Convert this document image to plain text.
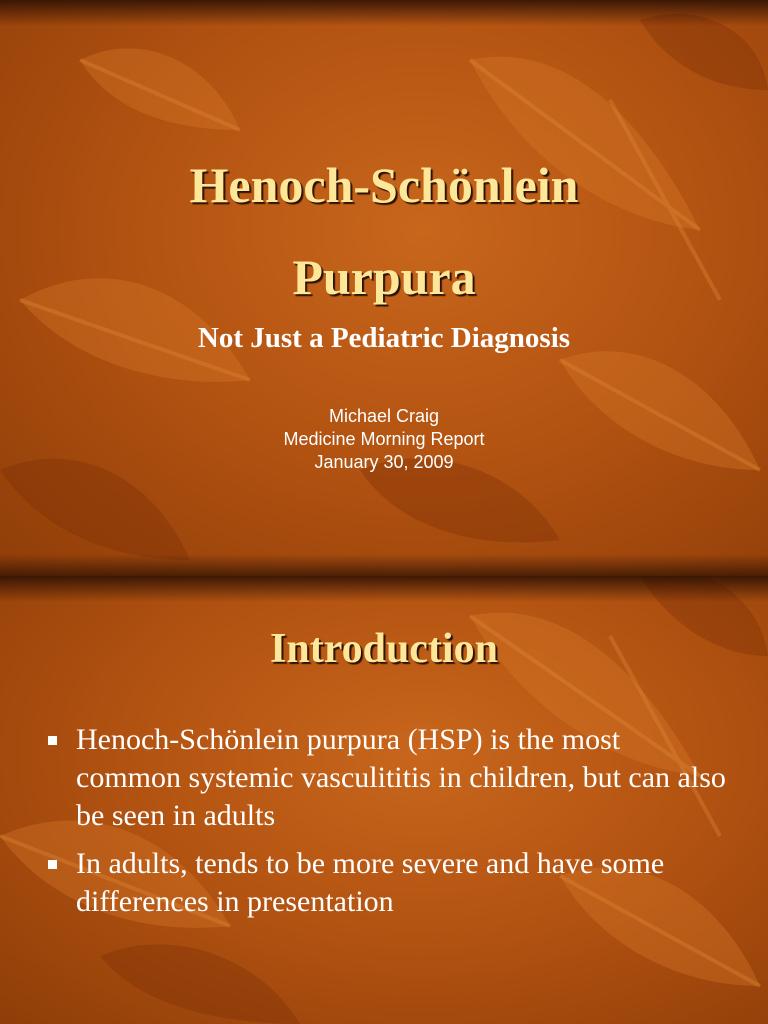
Henoch-Schönlein
Purpura
Not Just a Pediatric Diagnosis
Michael Craig
Medicine Morning Report
January 30, 2009
Introduction
Henoch-Schönlein purpura (HSP) is the most common systemic vasculititis in children, but can also be seen in adults
In adults, tends to be more severe and have some differences in presentation
